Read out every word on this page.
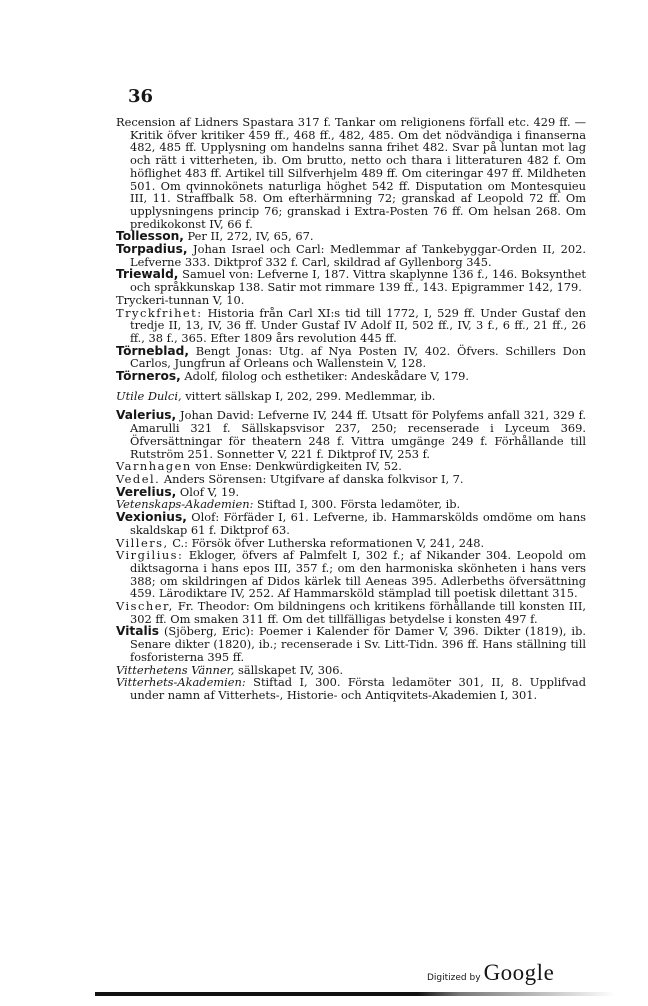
36

Recension af Lidners Spastara 317 f. Tankar om religionens förfall etc. 429 ff. — Kritik öfver kritiker 459 ff., 468 ff., 482, 485. Om det nödvändiga i finanserna 482, 485 ff. Upplysning om handelns sanna frihet 482. Svar på luntan mot lag och rätt i vitterheten, ib. Om brutto, netto och thara i litteraturen 482 f. Om höflighet 483 ff. Artikel till Silfverhjelm 489 ff. Om citeringar 497 ff. Mildheten 501. Om qvinnokönets naturliga höghet 542 ff. Disputation om Montesquieu III, 11. Straffbalk 58. Om efterhärmning 72; granskad af Leopold 72 ff. Om upplysningens princip 76; granskad i Extra-Posten 76 ff. Om helsan 268. Om predikokonst IV, 66 f.

Tollesson, Per II, 272, IV, 65, 67.

Torpadius, Johan Israel och Carl: Medlemmar af Tankebyggar-Orden II, 202. Lefverne 333. Diktprof 332 f. Carl, skildrad af Gyllenborg 345.

Triewald, Samuel von: Lefverne I, 187. Vittra skaplynne 136 f., 146. Boksynthet och språkkunskap 138. Satir mot rimmare 139 ff., 143. Epigrammer 142, 179.

Tryckeri-tunnan V, 10.

Tryckfrihet: Historia från Carl XI:s tid till 1772, I, 529 ff. Under Gustaf den tredje II, 13, IV, 36 ff. Under Gustaf IV Adolf II, 502 ff., IV, 3 f., 6 ff., 21 ff., 26 ff., 38 f., 365. Efter 1809 års revolution 445 ff.

Törneblad, Bengt Jonas: Utg. af Nya Posten IV, 402. Öfvers. Schillers Don Carlos, Jungfrun af Orleans och Wallenstein V, 128.

Törneros, Adolf, filolog och esthetiker: Andeskådare V, 179.

Utile Dulci, vittert sällskap I, 202, 299. Medlemmar, ib.

Valerius, Johan David: Lefverne IV, 244 ff. Utsatt för Polyfems anfall 321, 329 f. Amarulli 321 f. Sällskapsvisor 237, 250; recenserade i Lyceum 369. Öfversättningar för theatern 248 f. Vittra umgänge 249 f. Förhållande till Rutström 251. Sonnetter V, 221 f. Diktprof IV, 253 f.

Varnhagen von Ense: Denkwürdigkeiten IV, 52.

Vedel. Anders Sörensen: Utgifvare af danska folkvisor I, 7.

Verelius, Olof V, 19.

Vetenskaps-Akademien: Stiftad I, 300. Första ledamöter, ib.

Vexionius, Olof: Förfäder I, 61. Lefverne, ib. Hammarskölds omdöme om hans skaldskap 61 f. Diktprof 63.

Villers, C.: Försök öfver Lutherska reformationen V, 241, 248.

Virgilius: Ekloger, öfvers af Palmfelt I, 302 f.; af Nikander 304. Leopold om diktsagorna i hans epos III, 357 f.; om den harmoniska skönheten i hans vers 388; om skildringen af Didos kärlek till Aeneas 395. Adlerbeths öfversättning 459. Lärodiktare IV, 252. Af Hammarsköld stämplad till poetisk dilettant 315.

Vischer, Fr. Theodor: Om bildningens och kritikens förhållande till konsten III, 302 ff. Om smaken 311 ff. Om det tillfälligas betydelse i konsten 497 f.

Vitalis (Sjöberg, Eric): Poemer i Kalender för Damer V, 396. Dikter (1819), ib. Senare dikter (1820), ib.; recenserade i Sv. Litt-Tidn. 396 ff. Hans ställning till fosforisterna 395 ff.

Vitterhetens Vänner, sällskapet IV, 306.

Vitterhets-Akademien: Stiftad I, 300. Första ledamöter 301, II, 8. Upplifvad under namn af Vitterhets-, Historie- och Antiqvitets-Akademien I, 301.

Digitized by Google
